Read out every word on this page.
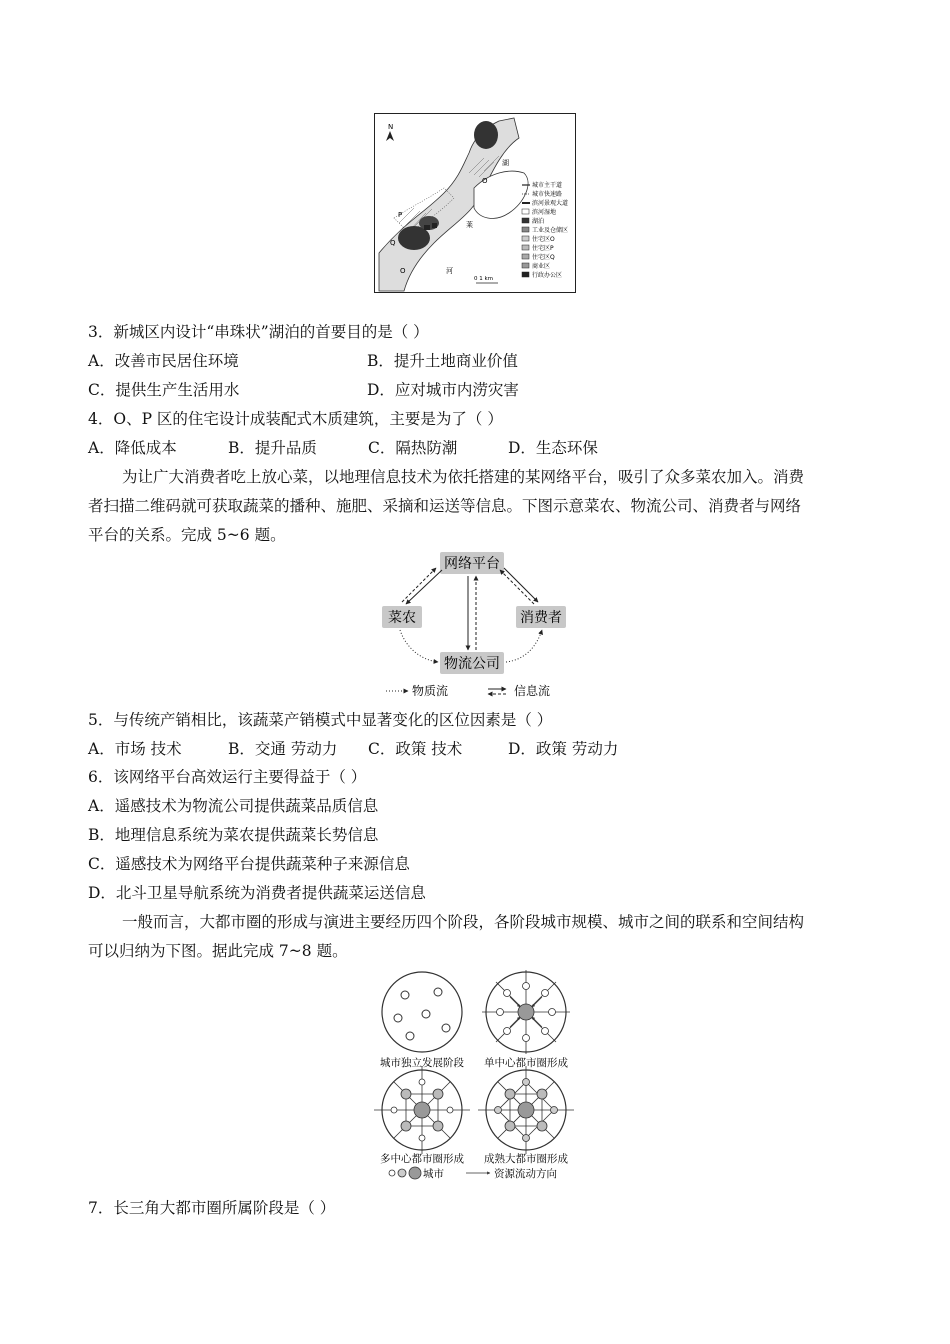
N
P
O
O
Q
湖
莱
河
0 1 km
城市主干道
城市快速路
滨河景观大道
滨河湿地
湖泊
工业及仓储区
住宅区O
住宅区P
住宅区Q
商业区
行政办公区
3．新城区内设计“串珠状”湖泊的首要目的是（ ）
A．改善市民居住环境	B．提升土地商业价值
C．提供生产生活用水	D．应对城市内涝灾害
4．O、P 区的住宅设计成装配式木质建筑，主要是为了（ ）
A．降低成本	B．提升品质	C．隔热防潮	D．生态环保
为让广大消费者吃上放心菜，以地理信息技术为依托搭建的某网络平台，吸引了众多菜农加入。消费
者扫描二维码就可获取蔬菜的播种、施肥、采摘和运送等信息。下图示意菜农、物流公司、消费者与网络
平台的关系。完成 5~6 题。
网络平台
菜农	消费者
物流公司
物质流	信息流
5．与传统产销相比，该蔬菜产销模式中显著变化的区位因素是（ ）
A．市场 技术	B．交通 劳动力 C．政策 技术	D．政策 劳动力
6．该网络平台高效运行主要得益于（ ）
A．遥感技术为物流公司提供蔬菜品质信息
B．地理信息系统为菜农提供蔬菜长势信息
C．遥感技术为网络平台提供蔬菜种子来源信息
D．北斗卫星导航系统为消费者提供蔬菜运送信息
一般而言，大都市圈的形成与演进主要经历四个阶段，各阶段城市规模、城市之间的联系和空间结构
可以归纳为下图。据此完成 7~8 题。
城市独立发展阶段 单中心都市圈形成
多中心都市圈形成 成熟大都市圈形成
城市	资源流动方向
7．长三角大都市圈所属阶段是（ ）
